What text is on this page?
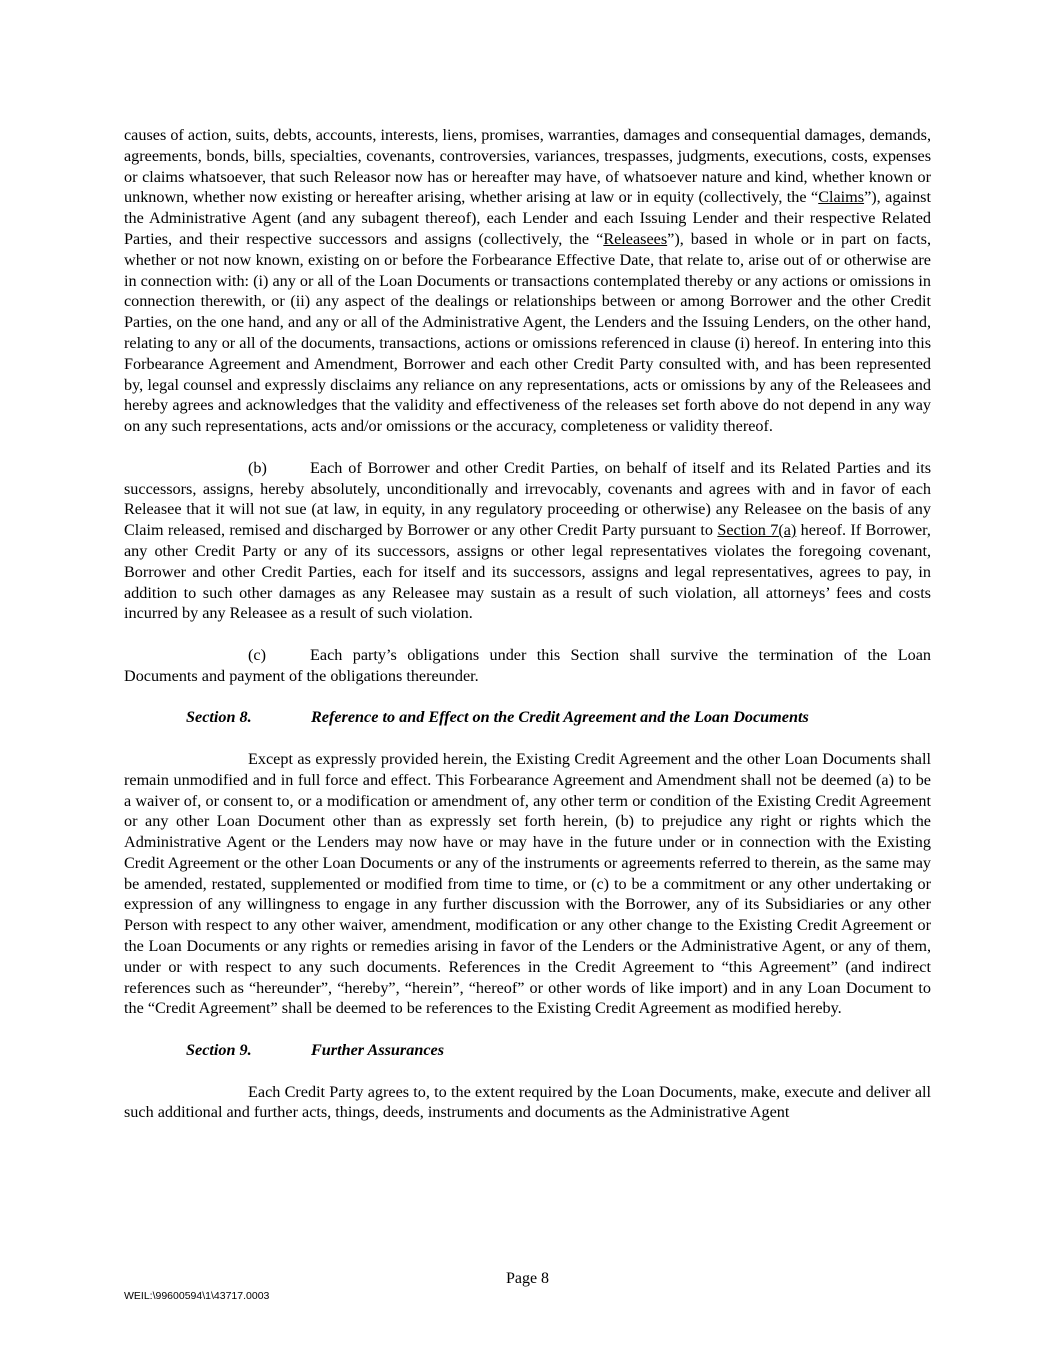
causes of action, suits, debts, accounts, interests, liens, promises, warranties, damages and consequential damages, demands, agreements, bonds, bills, specialties, covenants, controversies, variances, trespasses, judgments, executions, costs, expenses or claims whatsoever, that such Releasor now has or hereafter may have, of whatsoever nature and kind, whether known or unknown, whether now existing or hereafter arising, whether arising at law or in equity (collectively, the “Claims”), against the Administrative Agent (and any subagent thereof), each Lender and each Issuing Lender and their respective Related Parties, and their respective successors and assigns (collectively, the “Releasees”), based in whole or in part on facts, whether or not now known, existing on or before the Forbearance Effective Date, that relate to, arise out of or otherwise are in connection with: (i) any or all of the Loan Documents or transactions contemplated thereby or any actions or omissions in connection therewith, or (ii) any aspect of the dealings or relationships between or among Borrower and the other Credit Parties, on the one hand, and any or all of the Administrative Agent, the Lenders and the Issuing Lenders, on the other hand, relating to any or all of the documents, transactions, actions or omissions referenced in clause (i) hereof. In entering into this Forbearance Agreement and Amendment, Borrower and each other Credit Party consulted with, and has been represented by, legal counsel and expressly disclaims any reliance on any representations, acts or omissions by any of the Releasees and hereby agrees and acknowledges that the validity and effectiveness of the releases set forth above do not depend in any way on any such representations, acts and/or omissions or the accuracy, completeness or validity thereof.

(b)	Each of Borrower and other Credit Parties, on behalf of itself and its Related Parties and its successors, assigns, hereby absolutely, unconditionally and irrevocably, covenants and agrees with and in favor of each Releasee that it will not sue (at law, in equity, in any regulatory proceeding or otherwise) any Releasee on the basis of any Claim released, remised and discharged by Borrower or any other Credit Party pursuant to Section 7(a) hereof. If Borrower, any other Credit Party or any of its successors, assigns or other legal representatives violates the foregoing covenant, Borrower and other Credit Parties, each for itself and its successors, assigns and legal representatives, agrees to pay, in addition to such other damages as any Releasee may sustain as a result of such violation, all attorneys’ fees and costs incurred by any Releasee as a result of such violation.

(c)	Each party’s obligations under this Section shall survive the termination of the Loan Documents and payment of the obligations thereunder.

Section 8.	Reference to and Effect on the Credit Agreement and the Loan Documents

Except as expressly provided herein, the Existing Credit Agreement and the other Loan Documents shall remain unmodified and in full force and effect. This Forbearance Agreement and Amendment shall not be deemed (a) to be a waiver of, or consent to, or a modification or amendment of, any other term or condition of the Existing Credit Agreement or any other Loan Document other than as expressly set forth herein, (b) to prejudice any right or rights which the Administrative Agent or the Lenders may now have or may have in the future under or in connection with the Existing Credit Agreement or the other Loan Documents or any of the instruments or agreements referred to therein, as the same may be amended, restated, supplemented or modified from time to time, or (c) to be a commitment or any other undertaking or expression of any willingness to engage in any further discussion with the Borrower, any of its Subsidiaries or any other Person with respect to any other waiver, amendment, modification or any other change to the Existing Credit Agreement or the Loan Documents or any rights or remedies arising in favor of the Lenders or the Administrative Agent, or any of them, under or with respect to any such documents. References in the Credit Agreement to “this Agreement” (and indirect references such as “hereunder”, “hereby”, “herein”, “hereof” or other words of like import) and in any Loan Document to the “Credit Agreement” shall be deemed to be references to the Existing Credit Agreement as modified hereby.

Section 9.	Further Assurances

Each Credit Party agrees to, to the extent required by the Loan Documents, make, execute and deliver all such additional and further acts, things, deeds, instruments and documents as the Administrative Agent

Page 8
WEIL:\99600594\1\43717.0003
